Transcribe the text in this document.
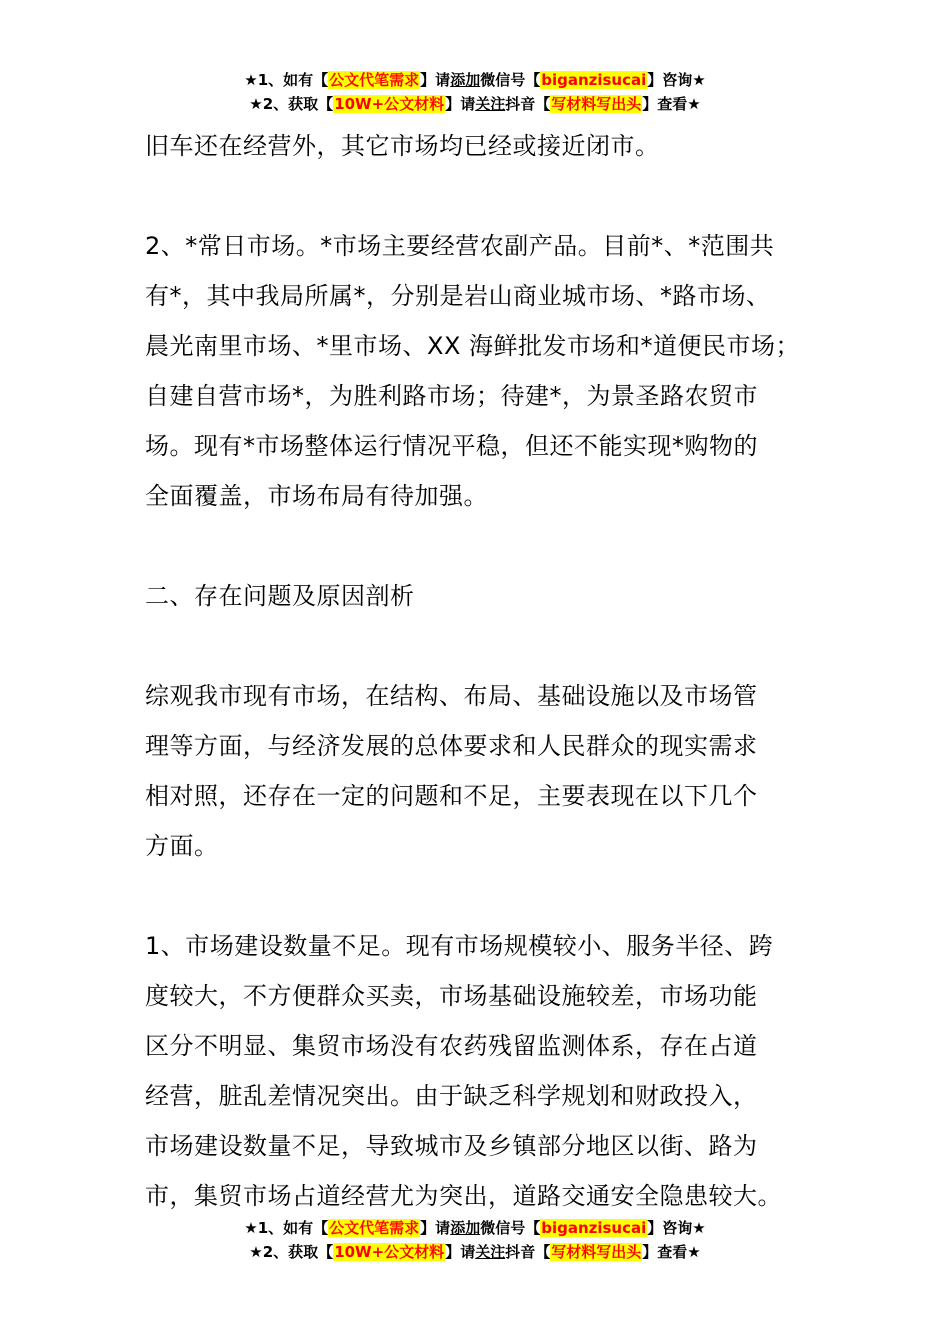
★1、如有【公文代笔需求】请添加微信号【biganzisucai】咨询★
★2、获取【10W+公文材料】请关注抖音【写材料写出头】查看★

旧车还在经营外，其它市场均已经或接近闭市。

2、*常日市场。*市场主要经营农副产品。目前*、*范围共
有*，其中我局所属*，分别是岩山商业城市场、*路市场、
晨光南里市场、*里市场、XX 海鲜批发市场和*道便民市场；
自建自营市场*，为胜利路市场；待建*，为景圣路农贸市
场。现有*市场整体运行情况平稳，但还不能实现*购物的
全面覆盖，市场布局有待加强。

二、存在问题及原因剖析

综观我市现有市场，在结构、布局、基础设施以及市场管
理等方面，与经济发展的总体要求和人民群众的现实需求
相对照，还存在一定的问题和不足，主要表现在以下几个
方面。

1、市场建设数量不足。现有市场规模较小、服务半径、跨
度较大，不方便群众买卖，市场基础设施较差，市场功能
区分不明显、集贸市场没有农药残留监测体系，存在占道
经营，脏乱差情况突出。由于缺乏科学规划和财政投入，
市场建设数量不足，导致城市及乡镇部分地区以街、路为
市，集贸市场占道经营尤为突出，道路交通安全隐患较大。

★1、如有【公文代笔需求】请添加微信号【biganzisucai】咨询★
★2、获取【10W+公文材料】请关注抖音【写材料写出头】查看★
